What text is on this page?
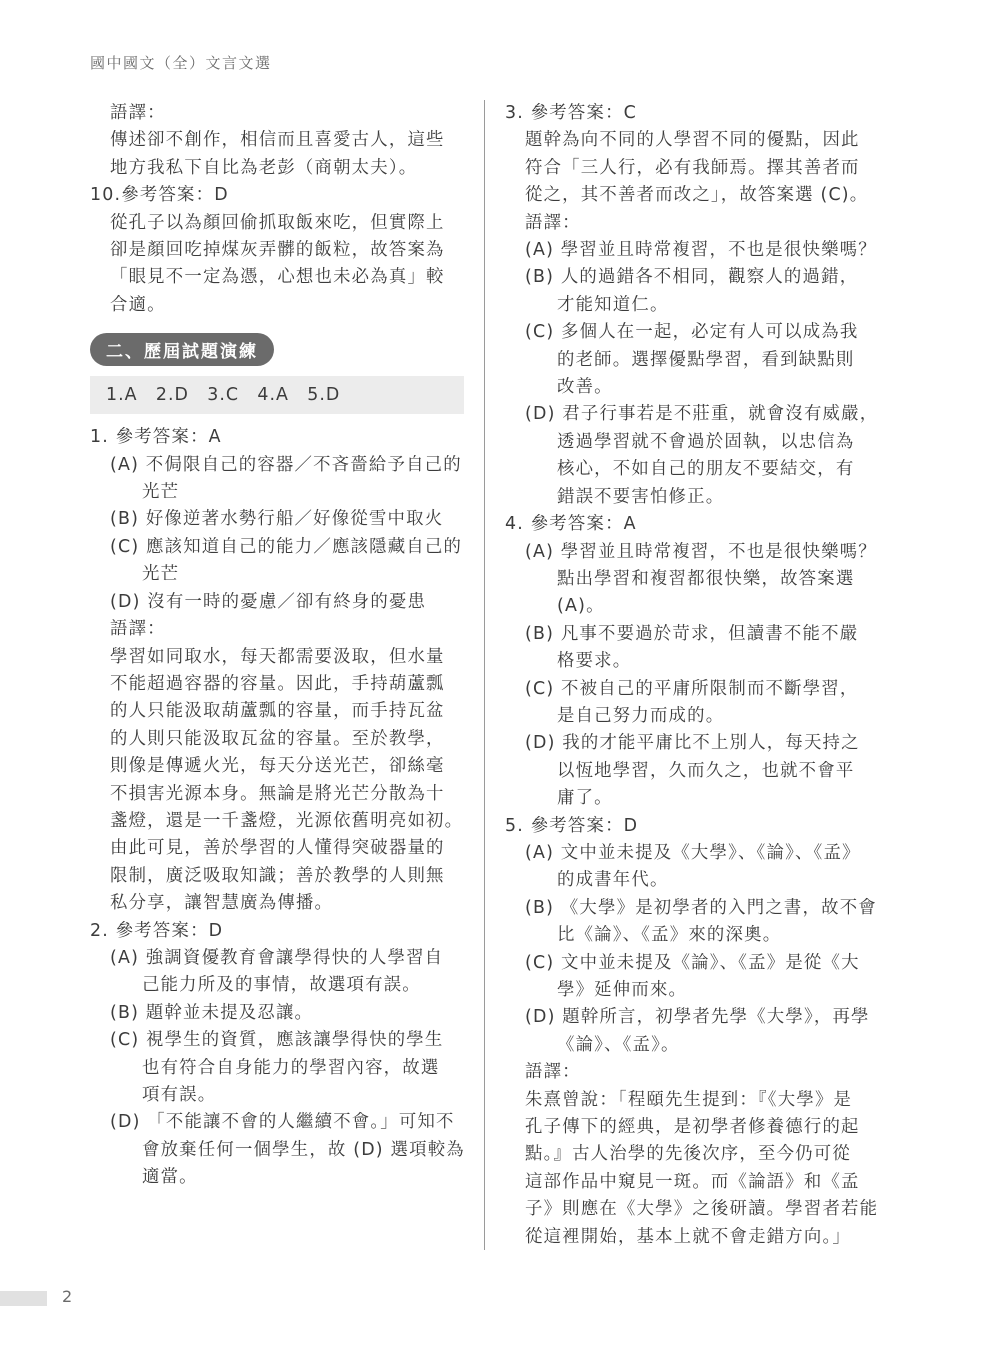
國中國文（全）文言文選
語譯：
傳述卻不創作，相信而且喜愛古人，這些
地方我私下自比為老彭（商朝太夫）。
10.參考答案：D
從孔子以為顏回偷抓取飯來吃，但實際上
卻是顏回吃掉煤灰弄髒的飯粒，故答案為
「眼見不一定為憑，心想也未必為真」較
合適。
二、歷屆試題演練
1.A　2.D　3.C　4.A　5.D
1. 參考答案：A
(A) 不侷限自己的容器／不吝嗇給予自己的
光芒
(B) 好像逆著水勢行船／好像從雪中取火
(C) 應該知道自己的能力／應該隱藏自己的
光芒
(D) 沒有一時的憂慮／卻有終身的憂患
語譯：
學習如同取水，每天都需要汲取，但水量
不能超過容器的容量。因此，手持葫蘆瓢
的人只能汲取葫蘆瓢的容量，而手持瓦盆
的人則只能汲取瓦盆的容量。至於教學，
則像是傳遞火光，每天分送光芒，卻絲毫
不損害光源本身。無論是將光芒分散為十
盞燈，還是一千盞燈，光源依舊明亮如初。
由此可見，善於學習的人懂得突破器量的
限制，廣泛吸取知識；善於教學的人則無
私分享，讓智慧廣為傳播。
2. 參考答案：D
(A) 強調資優教育會讓學得快的人學習自
己能力所及的事情，故選項有誤。
(B) 題幹並未提及忍讓。
(C) 視學生的資質，應該讓學得快的學生
也有符合自身能力的學習內容，故選
項有誤。
(D) 「不能讓不會的人繼續不會。」可知不
會放棄任何一個學生，故 (D) 選項較為
適當。
3. 參考答案：C
題幹為向不同的人學習不同的優點，因此
符合「三人行，必有我師焉。擇其善者而
從之，其不善者而改之」，故答案選 (C)。
語譯：
(A) 學習並且時常複習，不也是很快樂嗎？
(B) 人的過錯各不相同，觀察人的過錯，
才能知道仁。
(C) 多個人在一起，必定有人可以成為我
的老師。選擇優點學習，看到缺點則
改善。
(D) 君子行事若是不莊重，就會沒有威嚴，
透過學習就不會過於固執，以忠信為
核心，不如自己的朋友不要結交，有
錯誤不要害怕修正。
4. 參考答案：A
(A) 學習並且時常複習，不也是很快樂嗎？
點出學習和複習都很快樂，故答案選
(A)。
(B) 凡事不要過於苛求，但讀書不能不嚴
格要求。
(C) 不被自己的平庸所限制而不斷學習，
是自己努力而成的。
(D) 我的才能平庸比不上別人，每天持之
以恆地學習，久而久之，也就不會平
庸了。
5. 參考答案：D
(A) 文中並未提及《大學》、《論》、《孟》
的成書年代。
(B) 《大學》是初學者的入門之書，故不會
比《論》、《孟》來的深奧。
(C) 文中並未提及《論》、《孟》是從《大
學》延伸而來。
(D) 題幹所言，初學者先學《大學》，再學
《論》、《孟》。
語譯：
朱熹曾說：「程頤先生提到：『《大學》是
孔子傳下的經典，是初學者修養德行的起
點。』古人治學的先後次序，至今仍可從
這部作品中窺見一斑。而《論語》和《孟
子》則應在《大學》之後研讀。學習者若能
從這裡開始，基本上就不會走錯方向。」
2
